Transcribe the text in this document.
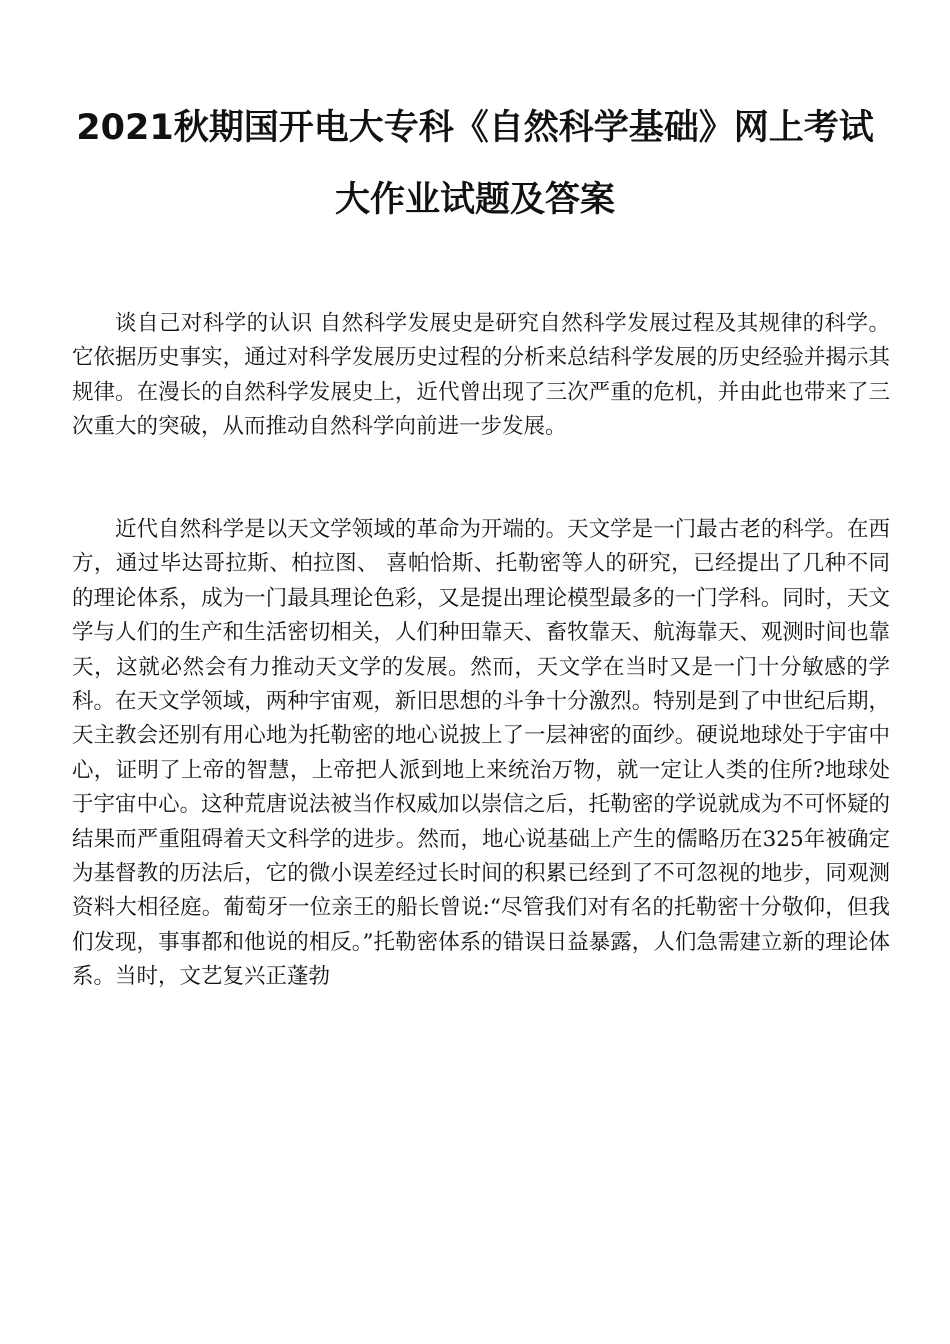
2021秋期国开电大专科《自然科学基础》网上考试
大作业试题及答案

谈自己对科学的认识 自然科学发展史是研究自然科学发展过程及其规律的科学。它依据历史事实，通过对科学发展历史过程的分析来总结科学发展的历史经验并揭示其规律。在漫长的自然科学发展史上，近代曾出现了三次严重的危机，并由此也带来了三次重大的突破，从而推动自然科学向前进一步发展。

近代自然科学是以天文学领域的革命为开端的。天文学是一门最古老的科学。在西方，通过毕达哥拉斯、柏拉图、 喜帕恰斯、托勒密等人的研究，已经提出了几种不同的理论体系，成为一门最具理论色彩，又是提出理论模型最多的一门学科。同时，天文学与人们的生产和生活密切相关，人们种田靠天、畜牧靠天、航海靠天、观测时间也靠天，这就必然会有力推动天文学的发展。然而，天文学在当时又是一门十分敏感的学科。在天文学领域，两种宇宙观，新旧思想的斗争十分激烈。特别是到了中世纪后期，天主教会还别有用心地为托勒密的地心说披上了一层神密的面纱。硬说地球处于宇宙中心，证明了上帝的智慧，上帝把人派到地上来统治万物，就一定让人类的住所?地球处于宇宙中心。这种荒唐说法被当作权威加以崇信之后，托勒密的学说就成为不可怀疑的结果而严重阻碍着天文科学的进步。然而，地心说基础上产生的儒略历在325年被确定为基督教的历法后，它的微小误差经过长时间的积累已经到了不可忽视的地步，同观测资料大相径庭。葡萄牙一位亲王的船长曾说:“尽管我们对有名的托勒密十分敬仰，但我们发现，事事都和他说的相反。”托勒密体系的错误日益暴露，人们急需建立新的理论体系。当时，文艺复兴正蓬勃
